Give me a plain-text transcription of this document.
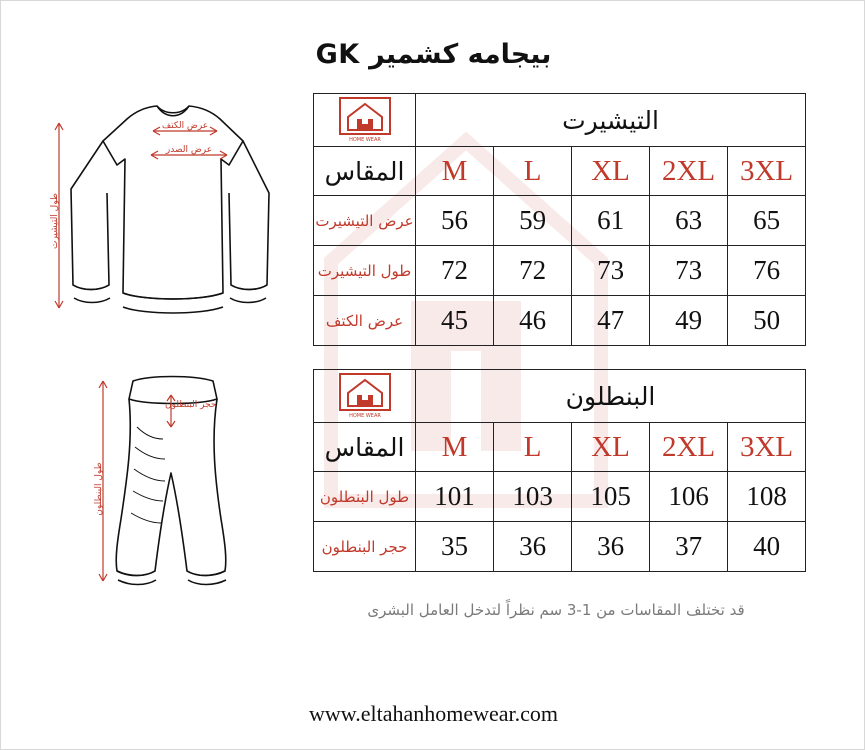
بيجامه كشمير GK
طول التيشيرت
عرض الكتف
عرض الصدر
طول البنطلون
حجر البنطلون
التيشيرت					HOME WEAR

3XL	2XL	XL	L	M	المقاس
65	63	61	59	56	عرض التيشيرت
76	73	73	72	72	طول التيشيرت
50	49	47	46	45	عرض الكتف
البنطلون					HOME WEAR

3XL	2XL	XL	L	M	المقاس
108	106	105	103	101	طول البنطلون
40	37	36	36	35	حجر البنطلون
قد تختلف المقاسات من 1-3 سم نظراً لتدخل العامل البشرى
www.eltahanhomewear.com
